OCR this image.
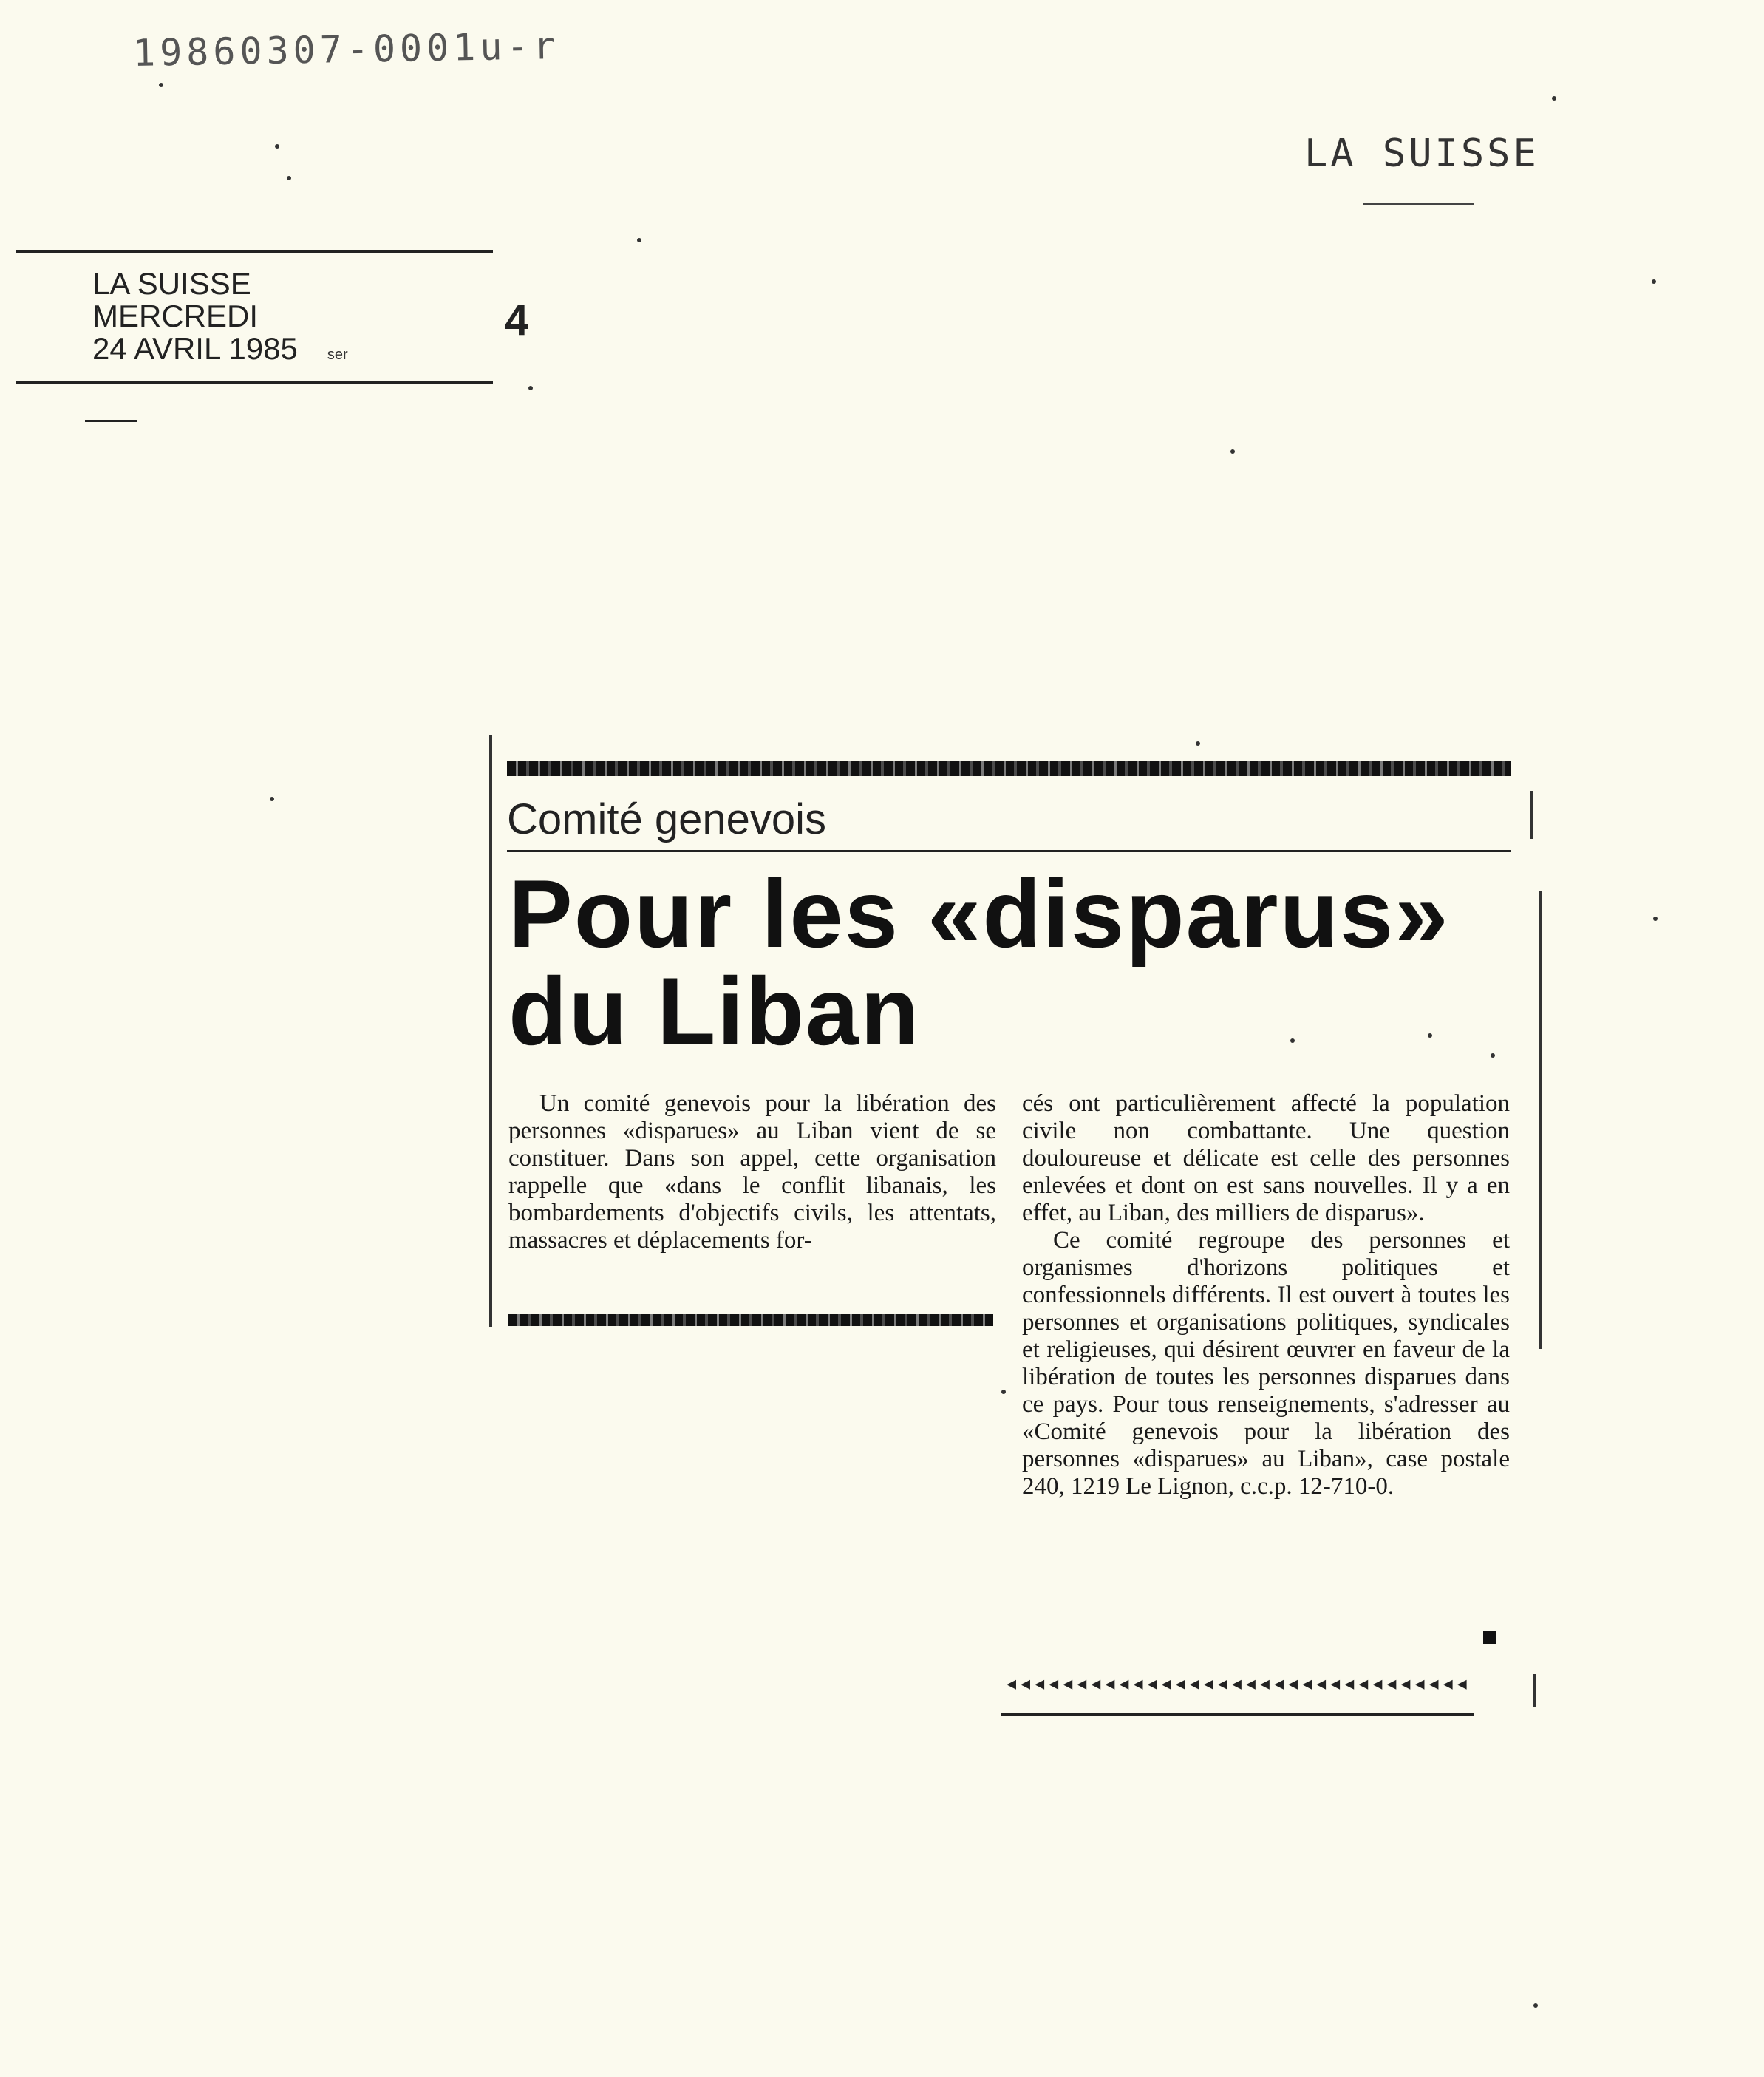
19860307-0001u-r
LA SUISSE
LA SUISSE
MERCREDI
24 AVRIL 1985 ser
4
Comité genevois
Pour les «disparus»
du Liban

Un comité genevois pour la libération des personnes «disparues» au Liban vient de se constituer. Dans son appel, cette organisation rappelle que «dans le conflit libanais, les bombardements d'objectifs civils, les attentats, massacres et déplacements for-

cés ont particulièrement affecté la population civile non combattante. Une question douloureuse et délicate est celle des personnes enlevées et dont on est sans nouvelles. Il y a en effet, au Liban, des milliers de disparus».

Ce comité regroupe des personnes et organismes d'horizons politiques et confessionnels différents. Il est ouvert à toutes les personnes et organisations politiques, syndicales et religieuses, qui désirent œuvrer en faveur de la libération de toutes les personnes disparues dans ce pays. Pour tous renseignements, s'adresser au «Comité genevois pour la libération des personnes «disparues» au Liban», case postale 240, 1219 Le Lignon, c.c.p. 12-710-0.

◂◂◂◂◂◂◂◂◂◂◂◂◂◂◂◂◂◂◂◂◂◂◂◂◂◂◂◂◂◂◂◂◂
